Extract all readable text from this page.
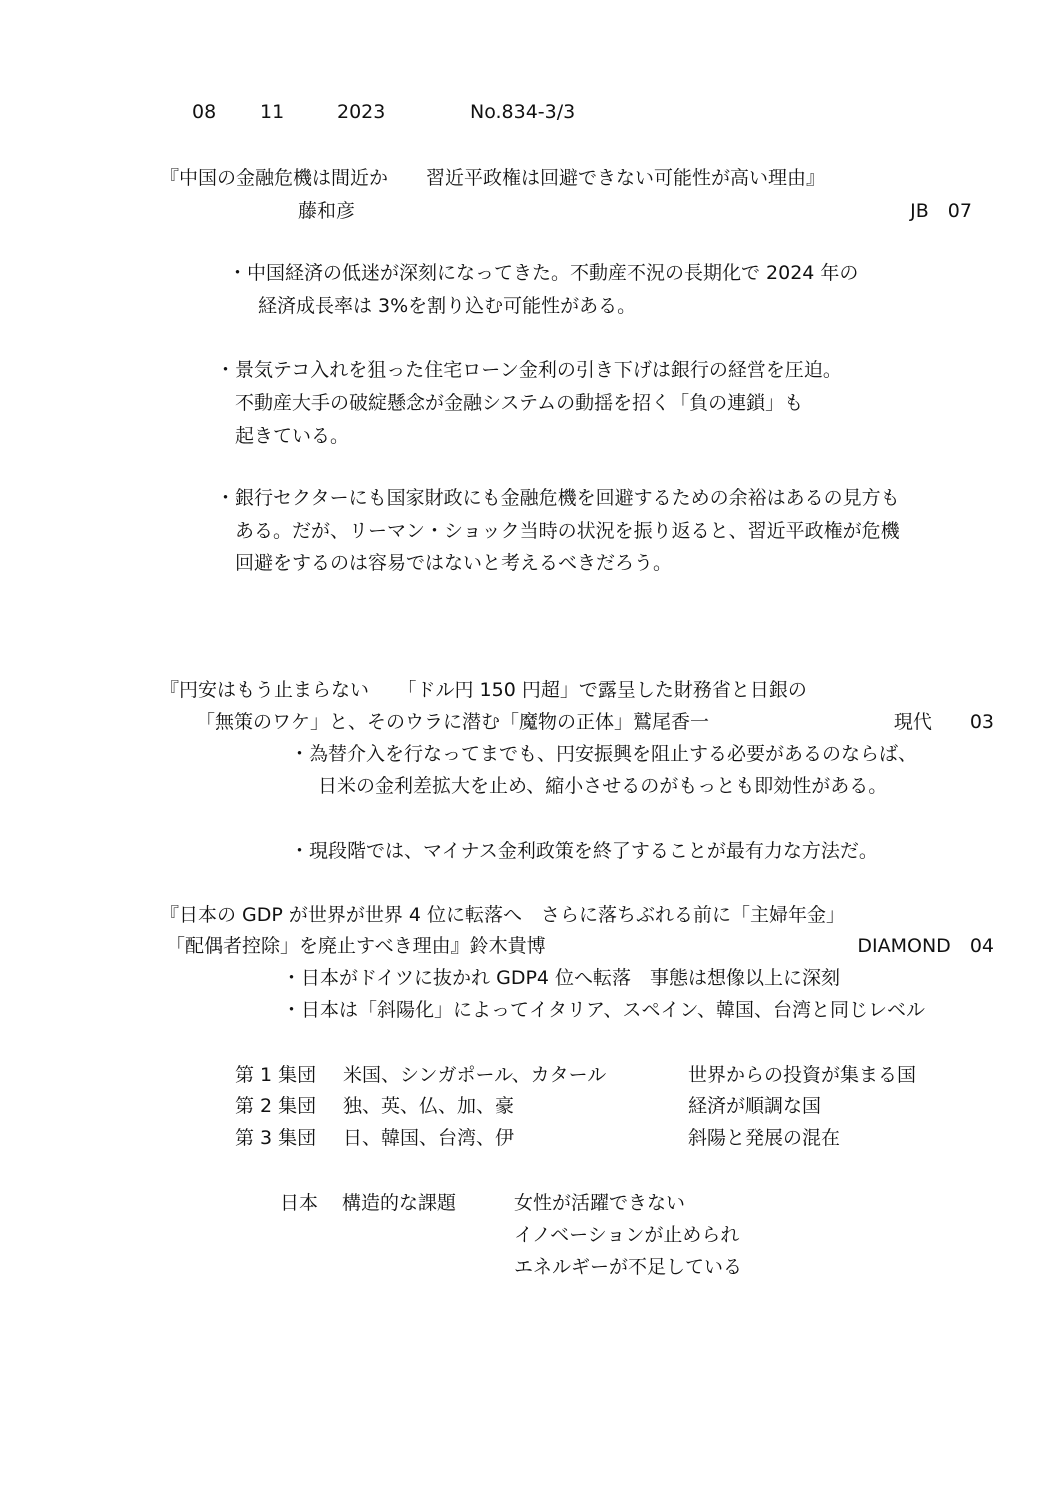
08 11	2023	No.834-3/3
『中国の金融危機は間近か　　習近平政権は回避できない可能性が高い理由』
藤和彦	JB　07
・中国経済の低迷が深刻になってきた。不動産不況の長期化で 2024 年の
経済成長率は 3%を割り込む可能性がある。
・景気テコ入れを狙った住宅ローン金利の引き下げは銀行の経営を圧迫。
不動産大手の破綻懸念が金融システムの動揺を招く「負の連鎖」も
起きている。
・銀行セクターにも国家財政にも金融危機を回避するための余裕はあるの見方も
ある。だが、リーマン・ショック当時の状況を振り返ると、習近平政権が危機
回避をするのは容易ではないと考えるべきだろう。
『円安はもう止まらない　　「ドル円 150 円超」で露呈した財務省と日銀の
「無策のワケ」と、そのウラに潜む「魔物の正体」鷲尾香一	現代　　03
・為替介入を行なってまでも、円安振興を阻止する必要があるのならば、
日米の金利差拡大を止め、縮小させるのがもっとも即効性がある。
・現段階では、マイナス金利政策を終了することが最有力な方法だ。
『日本の GDP が世界が世界 4 位に転落へ　さらに落ちぶれる前に「主婦年金」
「配偶者控除」を廃止すべき理由』鈴木貴博	DIAMOND　04
・日本がドイツに抜かれ GDP4 位へ転落　事態は想像以上に深刻
・日本は「斜陽化」によってイタリア、スペイン、韓国、台湾と同じレベル
第 1 集団 米国、シンガポール、カタール	世界からの投資が集まる国
第 2 集団 独、英、仏、加、豪	経済が順調な国
第 3 集団 日、韓国、台湾、伊	斜陽と発展の混在
日本 構造的な課題	女性が活躍できない
イノベーションが止められ
エネルギーが不足している
